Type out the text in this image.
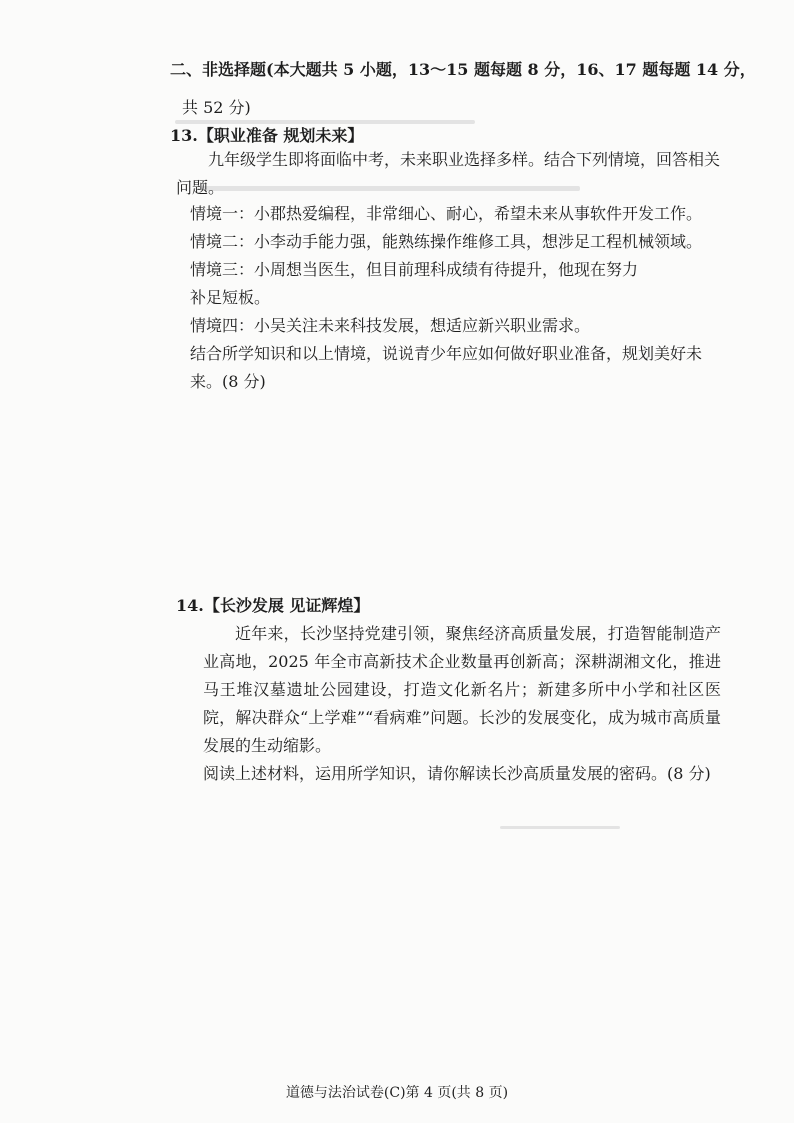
二、非选择题(本大题共 5 小题，13～15 题每题 8 分，16、17 题每题 14 分，
共 52 分)
13.【职业准备 规划未来】
九年级学生即将面临中考，未来职业选择多样。结合下列情境，回答相关问题。
情境一：小郡热爱编程，非常细心、耐心，希望未来从事软件开发工作。
情境二：小李动手能力强，能熟练操作维修工具，想涉足工程机械领域。
情境三：小周想当医生，但目前理科成绩有待提升，他现在努力补足短板。
情境四：小吴关注未来科技发展，想适应新兴职业需求。
结合所学知识和以上情境，说说青少年应如何做好职业准备，规划美好未来。(8 分)
14.【长沙发展 见证辉煌】
近年来，长沙坚持党建引领，聚焦经济高质量发展，打造智能制造产业高地，2025 年全市高新技术企业数量再创新高；深耕湖湘文化，推进马王堆汉墓遗址公园建设，打造文化新名片；新建多所中小学和社区医院，解决群众“上学难”“看病难”问题。长沙的发展变化，成为城市高质量发展的生动缩影。
阅读上述材料，运用所学知识，请你解读长沙高质量发展的密码。(8 分)
道德与法治试卷(C)第 4 页(共 8 页)
